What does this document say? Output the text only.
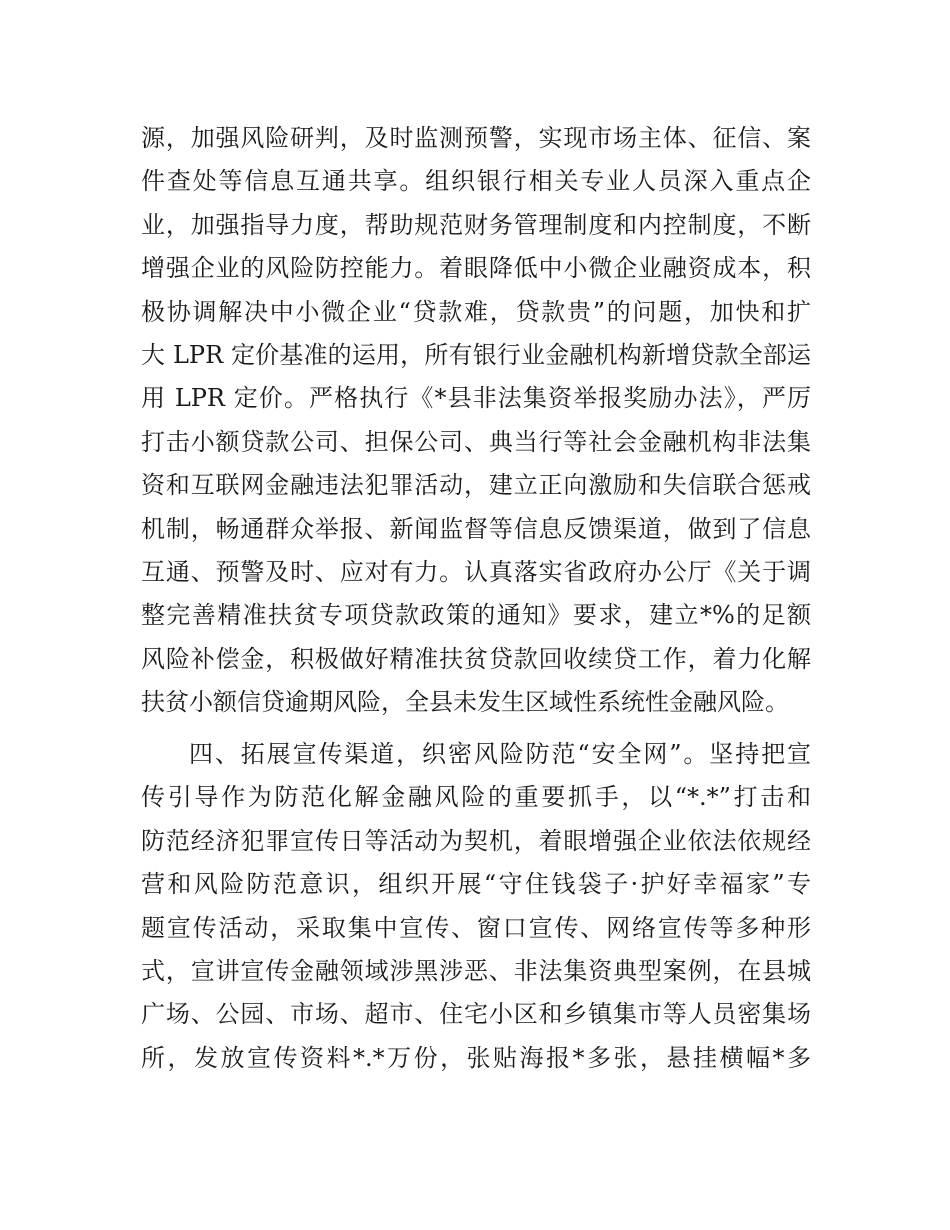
源，加强风险研判，及时监测预警，实现市场主体、征信、案
件查处等信息互通共享。组织银行相关专业人员深入重点企
业，加强指导力度，帮助规范财务管理制度和内控制度，不断
增强企业的风险防控能力。着眼降低中小微企业融资成本，积
极协调解决中小微企业“贷款难，贷款贵”的问题，加快和扩
大 LPR 定价基准的运用，所有银行业金融机构新增贷款全部运
用 LPR 定价。严格执行《*县非法集资举报奖励办法》，严厉
打击小额贷款公司、担保公司、典当行等社会金融机构非法集
资和互联网金融违法犯罪活动，建立正向激励和失信联合惩戒
机制，畅通群众举报、新闻监督等信息反馈渠道，做到了信息
互通、预警及时、应对有力。认真落实省政府办公厅《关于调
整完善精准扶贫专项贷款政策的通知》要求，建立*%的足额
风险补偿金，积极做好精准扶贫贷款回收续贷工作，着力化解
扶贫小额信贷逾期风险，全县未发生区域性系统性金融风险。
四、拓展宣传渠道，织密风险防范“安全网”。坚持把宣
传引导作为防范化解金融风险的重要抓手，以“*.*”打击和
防范经济犯罪宣传日等活动为契机，着眼增强企业依法依规经
营和风险防范意识，组织开展“守住钱袋子·护好幸福家”专
题宣传活动，采取集中宣传、窗口宣传、网络宣传等多种形
式，宣讲宣传金融领域涉黑涉恶、非法集资典型案例，在县城
广场、公园、市场、超市、住宅小区和乡镇集市等人员密集场
所，发放宣传资料*.*万份，张贴海报*多张，悬挂横幅*多
